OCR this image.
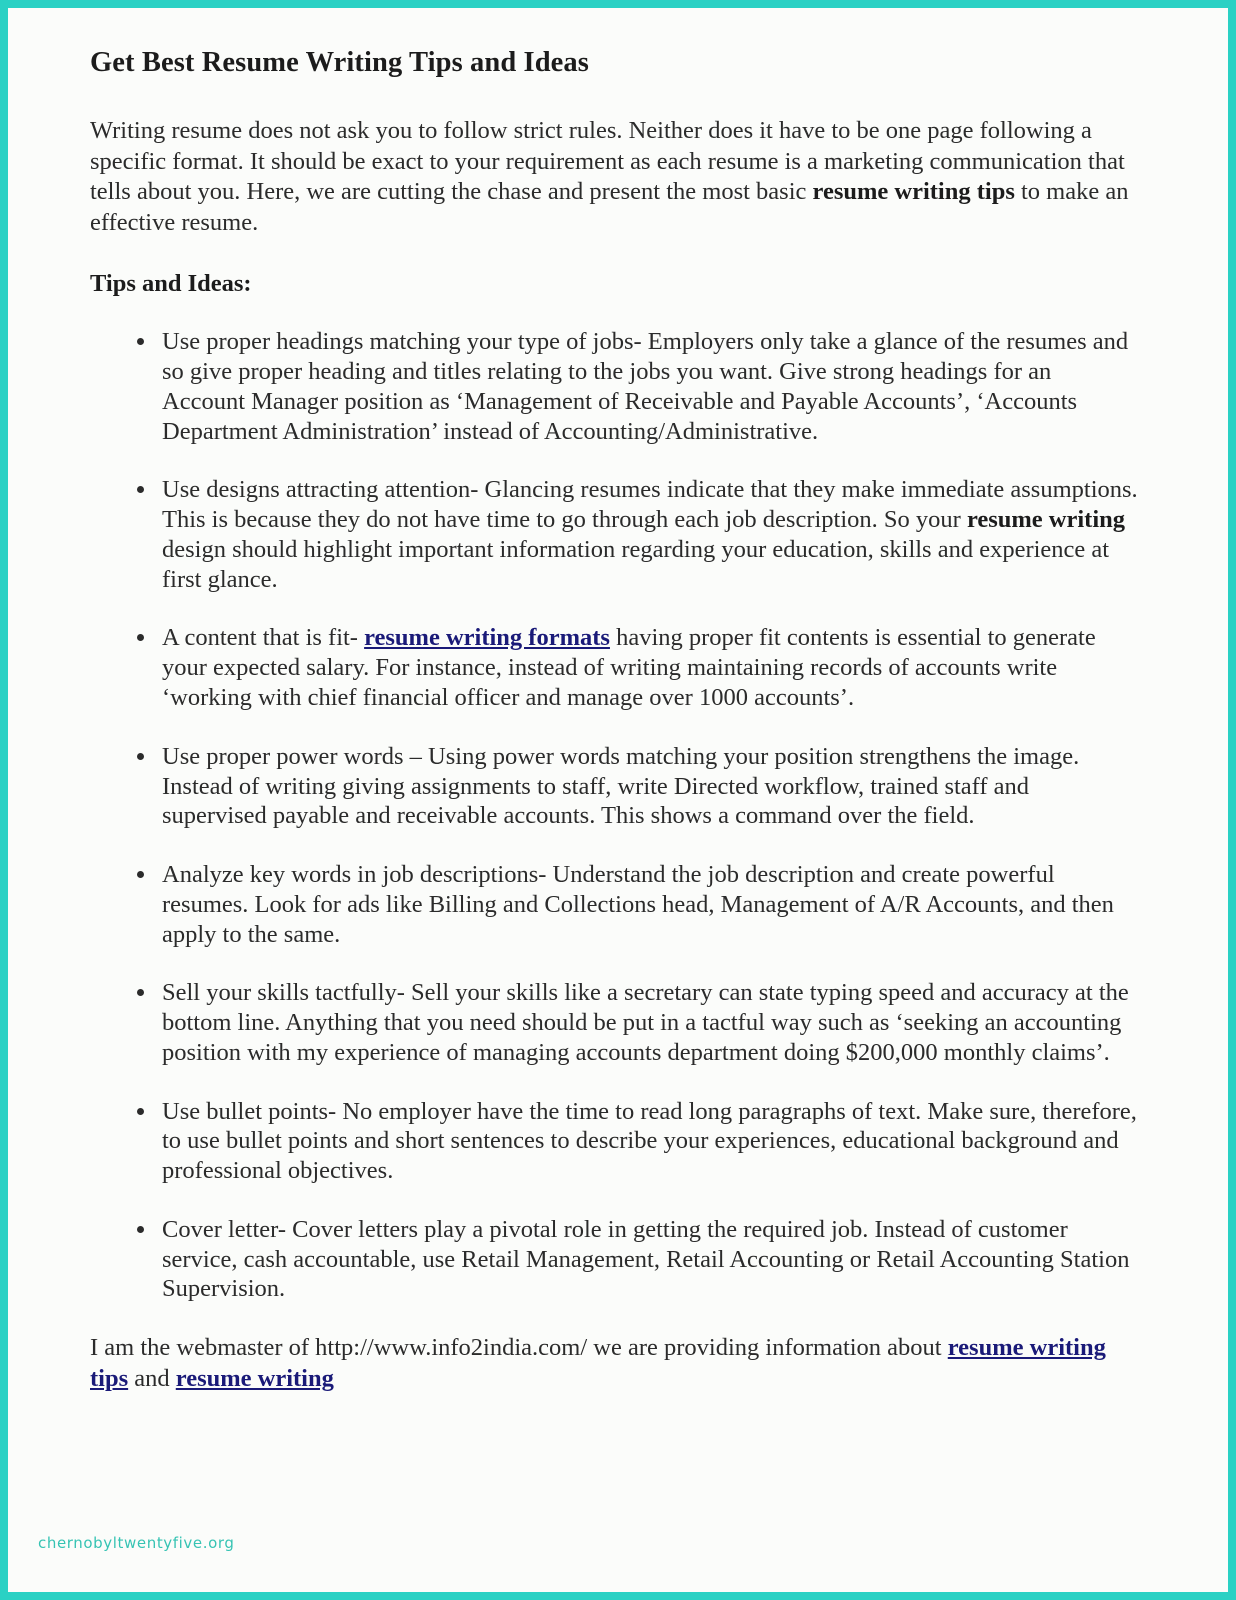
Get Best Resume Writing Tips and Ideas

Writing resume does not ask you to follow strict rules. Neither does it have to be one page following a specific format. It should be exact to your requirement as each resume is a marketing communication that tells about you. Here, we are cutting the chase and present the most basic resume writing tips to make an effective resume.

Tips and Ideas:

Use proper headings matching your type of jobs- Employers only take a glance of the resumes and so give proper heading and titles relating to the jobs you want. Give strong headings for an Account Manager position as ‘Management of Receivable and Payable Accounts’, ‘Accounts Department Administration’ instead of Accounting/Administrative.
Use designs attracting attention- Glancing resumes indicate that they make immediate assumptions. This is because they do not have time to go through each job description. So your resume writing design should highlight important information regarding your education, skills and experience at first glance.
A content that is fit- resume writing formats having proper fit contents is essential to generate your expected salary. For instance, instead of writing maintaining records of accounts write ‘working with chief financial officer and manage over 1000 accounts’.
Use proper power words – Using power words matching your position strengthens the image. Instead of writing giving assignments to staff, write Directed workflow, trained staff and supervised payable and receivable accounts. This shows a command over the field.
Analyze key words in job descriptions- Understand the job description and create powerful resumes. Look for ads like Billing and Collections head, Management of A/R Accounts, and then apply to the same.
Sell your skills tactfully- Sell your skills like a secretary can state typing speed and accuracy at the bottom line. Anything that you need should be put in a tactful way such as ‘seeking an accounting position with my experience of managing accounts department doing $200,000 monthly claims’.
Use bullet points- No employer have the time to read long paragraphs of text. Make sure, therefore, to use bullet points and short sentences to describe your experiences, educational background and professional objectives.
Cover letter- Cover letters play a pivotal role in getting the required job. Instead of customer service, cash accountable, use Retail Management, Retail Accounting or Retail Accounting Station Supervision.

I am the webmaster of http://www.info2india.com/ we are providing information about resume writing tips and resume writing

chernobyltwentyfive.org
